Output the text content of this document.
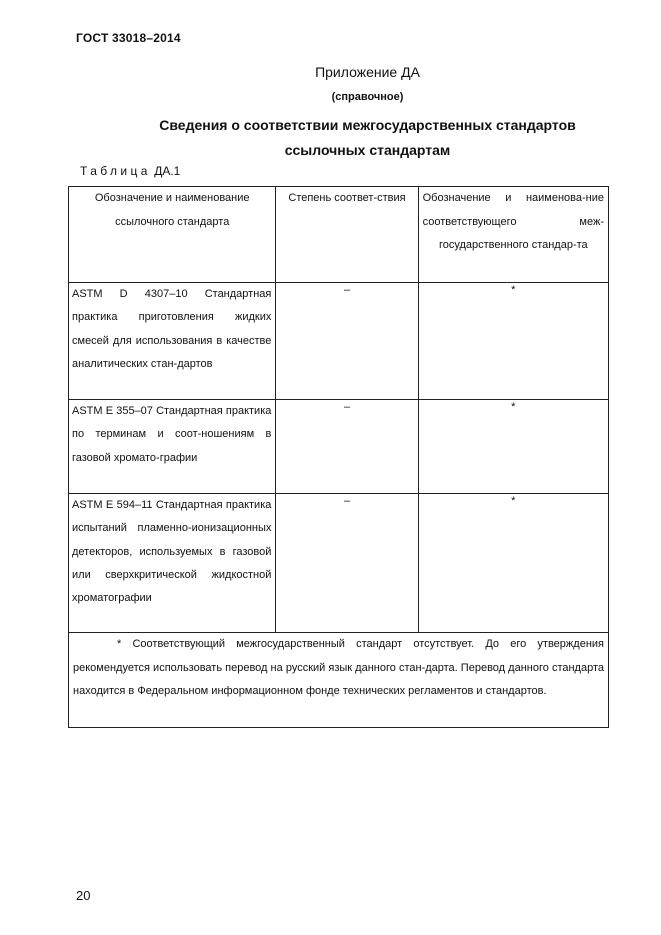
ГОСТ 33018–2014
Приложение ДА
(справочное)
Сведения о соответствии межгосударственных стандартов
ссылочных стандартам
Таблица ДА.1
Обозначение и наименование ссылочного стандарта	Степень соответ-ствия	Обозначение и наименова-ние соответствующего меж-государственного стандар-та
ASTM D 4307–10 Стандартная практика приготовления жидких смесей для использования в качестве аналитических стан-дартов	–	*
ASTM E 355–07 Стандартная практика по терминам и соот-ношениям в газовой хромато-графии	–	*
ASTM E 594–11 Стандартная практика испытаний пламенно-ионизационных детекторов, используемых в газовой или сверхкритической жидкостной хроматографии	–	*
* Соответствующий межгосударственный стандарт отсутствует. До его утверждения рекомендуется использовать перевод на русский язык данного стан-дарта. Перевод данного стандарта находится в Федеральном информационном фонде технических регламентов и стандартов.		
20
